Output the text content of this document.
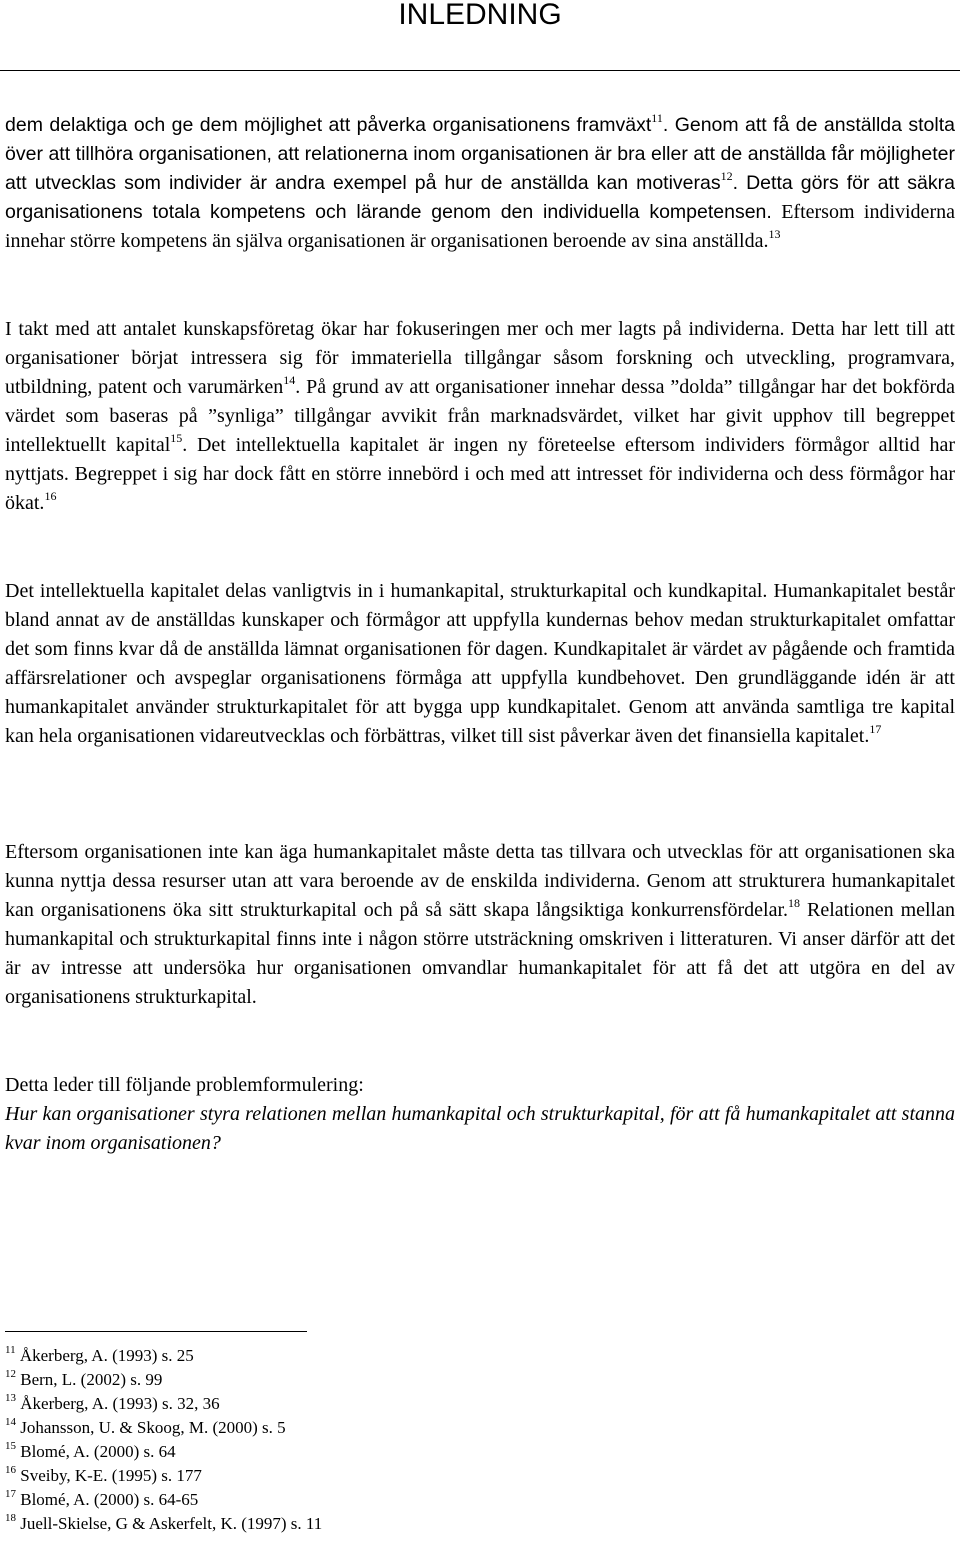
INLEDNING

dem delaktiga och ge dem möjlighet att påverka organisationens framväxt$^{11}$. Genom att få de anställda stolta över att tillhöra organisationen, att relationerna inom organisationen är bra eller att de anställda får möjligheter att utvecklas som individer är andra exempel på hur de anställda kan motiveras$^{12}$. Detta görs för att säkra organisationens totala kompetens och lärande genom den individuella kompetensen. Eftersom individerna innehar större kompetens än själva organisationen är organisationen beroende av sina anställda.$^{13}$

I takt med att antalet kunskapsföretag ökar har fokuseringen mer och mer lagts på individerna. Detta har lett till att organisationer börjat intressera sig för immateriella tillgångar såsom forskning och utveckling, programvara, utbildning, patent och varumärken$^{14}$. På grund av att organisationer innehar dessa ”dolda” tillgångar har det bokförda värdet som baseras på ”synliga” tillgångar avvikit från marknadsvärdet, vilket har givit upphov till begreppet intellektuellt kapital$^{15}$. Det intellektuella kapitalet är ingen ny företeelse eftersom individers förmågor alltid har nyttjats. Begreppet i sig har dock fått en större innebörd i och med att intresset för individerna och dess förmågor har ökat.$^{16}$

Det intellektuella kapitalet delas vanligtvis in i humankapital, strukturkapital och kundkapital. Humankapitalet består bland annat av de anställdas kunskaper och förmågor att uppfylla kundernas behov medan strukturkapitalet omfattar det som finns kvar då de anställda lämnat organisationen för dagen. Kundkapitalet är värdet av pågående och framtida affärsrelationer och avspeglar organisationens förmåga att uppfylla kundbehovet. Den grundläggande idén är att humankapitalet använder strukturkapitalet för att bygga upp kundkapitalet. Genom att använda samtliga tre kapital kan hela organisationen vidareutvecklas och förbättras, vilket till sist påverkar även det finansiella kapitalet.$^{17}$

Eftersom organisationen inte kan äga humankapitalet måste detta tas tillvara och utvecklas för att organisationen ska kunna nyttja dessa resurser utan att vara beroende av de enskilda individerna. Genom att strukturera humankapitalet kan organisationens öka sitt strukturkapital och på så sätt skapa långsiktiga konkurrensfördelar.$^{18}$ Relationen mellan humankapital och strukturkapital finns inte i någon större utsträckning omskriven i litteraturen. Vi anser därför att det är av intresse att undersöka hur organisationen omvandlar humankapitalet för att få det att utgöra en del av organisationens strukturkapital.

Detta leder till följande problemformulering:
Hur kan organisationer styra relationen mellan humankapital och strukturkapital, för att få humankapitalet att stanna kvar inom organisationen?

$^{11}$ Åkerberg, A. (1993) s. 25

$^{12}$ Bern, L. (2002) s. 99

$^{13}$ Åkerberg, A. (1993) s. 32, 36

$^{14}$ Johansson, U. & Skoog, M. (2000) s. 5

$^{15}$ Blomé, A. (2000) s. 64

$^{16}$ Sveiby, K-E. (1995) s. 177

$^{17}$ Blomé, A. (2000) s. 64-65

$^{18}$ Juell-Skielse, G & Askerfelt, K. (1997) s. 11
